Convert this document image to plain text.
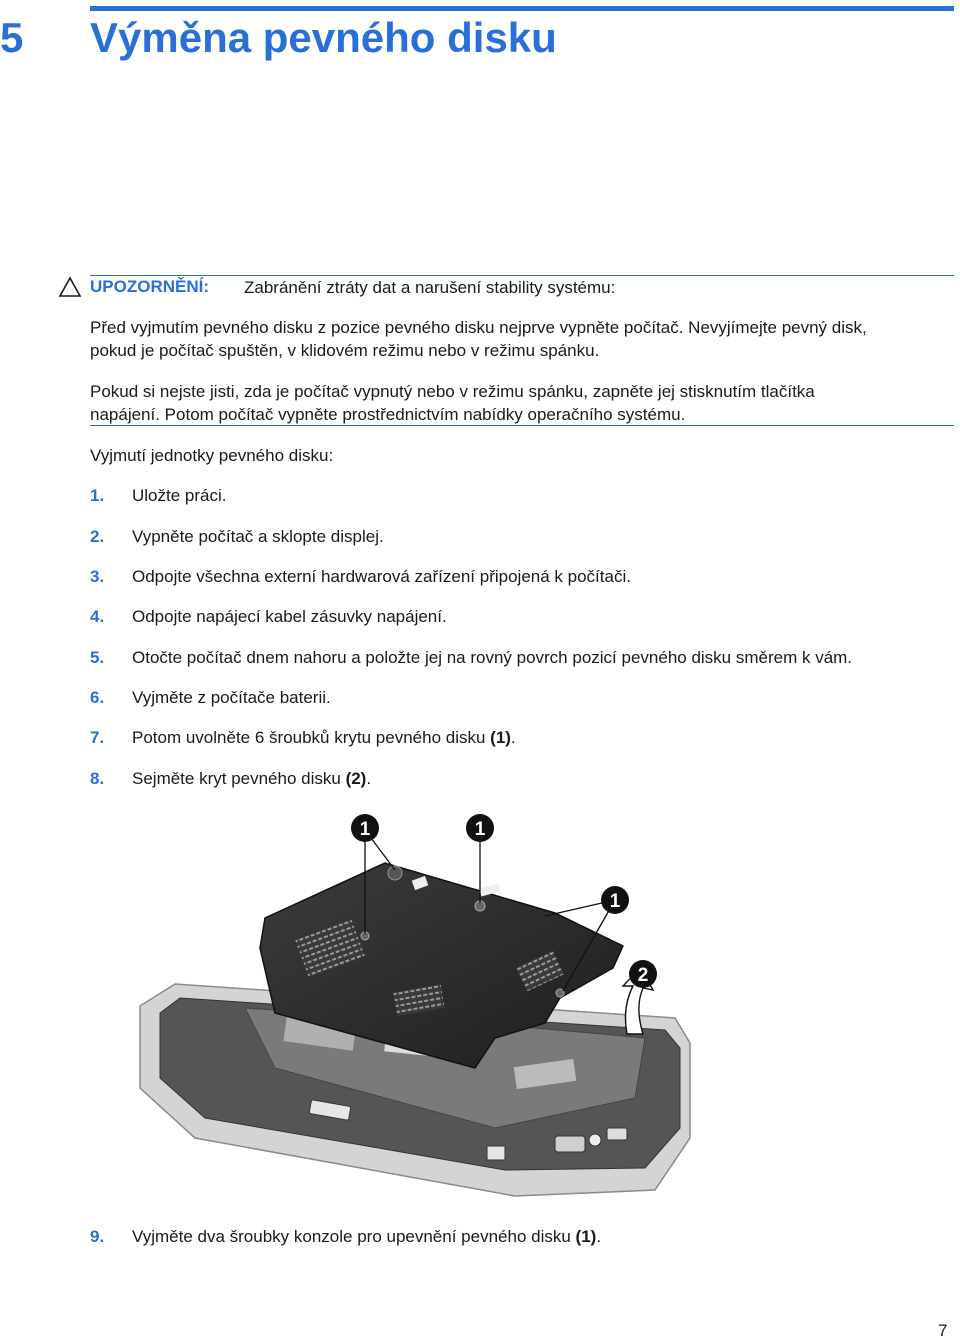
5 Výměna pevného disku
UPOZORNĚNÍ: Zabránění ztráty dat a narušení stability systému:
Před vyjmutím pevného disku z pozice pevného disku nejprve vypněte počítač. Nevyjímejte pevný disk,
pokud je počítač spuštěn, v klidovém režimu nebo v režimu spánku.
Pokud si nejste jisti, zda je počítač vypnutý nebo v režimu spánku, zapněte jej stisknutím tlačítka
napájení. Potom počítač vypněte prostřednictvím nabídky operačního systému.
Vyjmutí jednotky pevného disku:
1. Uložte práci.
2. Vypněte počítač a sklopte displej.
3. Odpojte všechna externí hardwarová zařízení připojená k počítači.
4. Odpojte napájecí kabel zásuvky napájení.
5. Otočte počítač dnem nahoru a položte jej na rovný povrch pozicí pevného disku směrem k vám.
6. Vyjměte z počítače baterii.
7. Potom uvolněte 6 šroubků krytu pevného disku (1).
8. Sejměte kryt pevného disku (2).
1	1
1
2
9. Vyjměte dva šroubky konzole pro upevnění pevného disku (1).
7
